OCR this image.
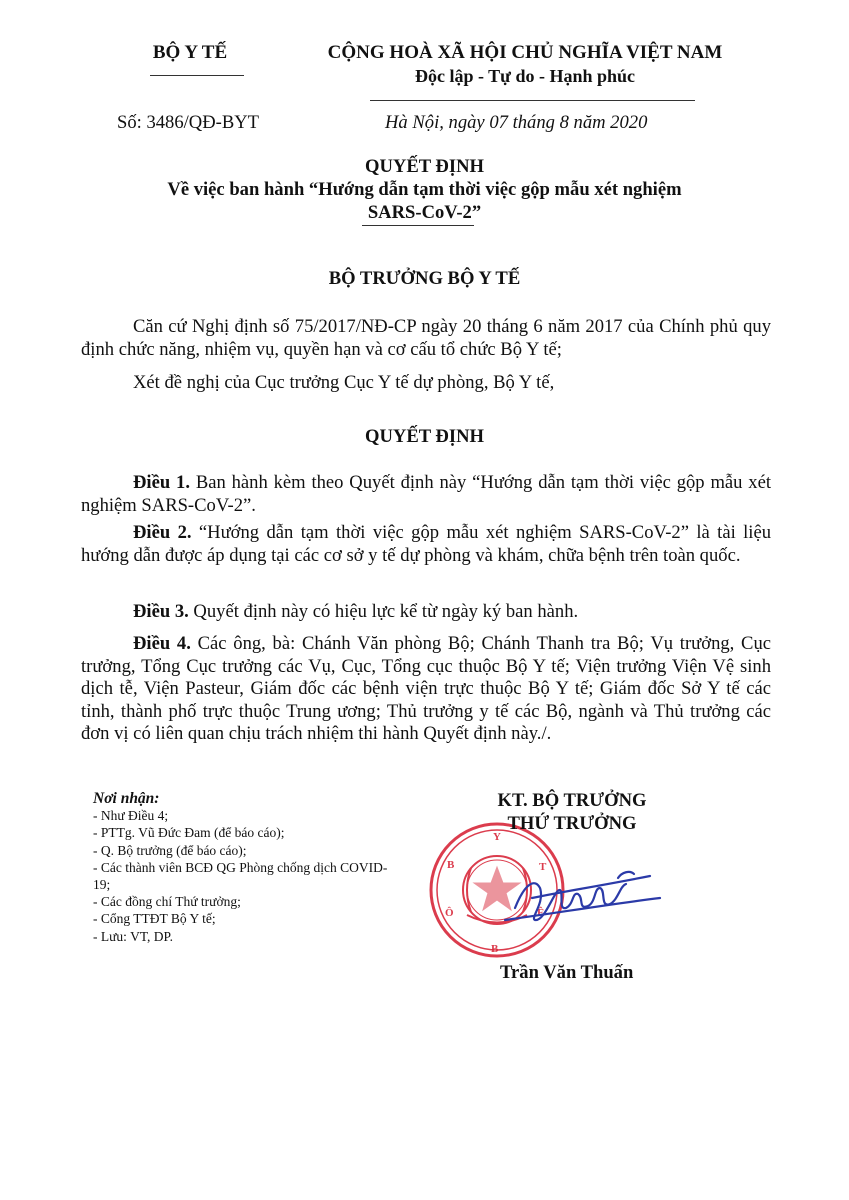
BỘ Y TẾ	CỘNG HOÀ XÃ HỘI CHỦ NGHĨA VIỆT NAM
Độc lập - Tự do - Hạnh phúc
Số: 3486/QĐ-BYT	Hà Nội, ngày 07 tháng 8 năm 2020
QUYẾT ĐỊNH
Về việc ban hành “Hướng dẫn tạm thời việc gộp mẫu xét nghiệm
SARS-CoV-2”
BỘ TRƯỞNG BỘ Y TẾ
Căn cứ Nghị định số 75/2017/NĐ-CP ngày 20 tháng 6 năm 2017 của Chính phủ quy định chức năng, nhiệm vụ, quyền hạn và cơ cấu tổ chức Bộ Y tế;
Xét đề nghị của Cục trưởng Cục Y tế dự phòng, Bộ Y tế,
QUYẾT ĐỊNH
Điều 1. Ban hành kèm theo Quyết định này “Hướng dẫn tạm thời việc gộp mẫu xét nghiệm SARS-CoV-2”.
Điều 2. “Hướng dẫn tạm thời việc gộp mẫu xét nghiệm SARS-CoV-2” là tài liệu hướng dẫn được áp dụng tại các cơ sở y tế dự phòng và khám, chữa bệnh trên toàn quốc.
Điều 3. Quyết định này có hiệu lực kể từ ngày ký ban hành.
Điều 4. Các ông, bà: Chánh Văn phòng Bộ; Chánh Thanh tra Bộ; Vụ trưởng, Cục trưởng, Tổng Cục trưởng các Vụ, Cục, Tổng cục thuộc Bộ Y tế; Viện trưởng Viện Vệ sinh dịch tễ, Viện Pasteur, Giám đốc các bệnh viện trực thuộc Bộ Y tế; Giám đốc Sở Y tế các tỉnh, thành phố trực thuộc Trung ương; Thủ trưởng y tế các Bộ, ngành và Thủ trưởng các đơn vị có liên quan chịu trách nhiệm thi hành Quyết định này./.
Nơi nhận:
- Như Điều 4;
- PTTg. Vũ Đức Đam (để báo cáo);
- Q. Bộ trưởng (để báo cáo);
- Các thành viên BCĐ QG Phòng chống dịch COVID-19;
- Các đồng chí Thứ trưởng;
- Cổng TTĐT Bộ Y tế;
- Lưu: VT, DP.
Y
B
Ô
B
Ê
T
KT. BỘ TRƯỞNG
THỨ TRƯỞNG
Trần Văn Thuấn
